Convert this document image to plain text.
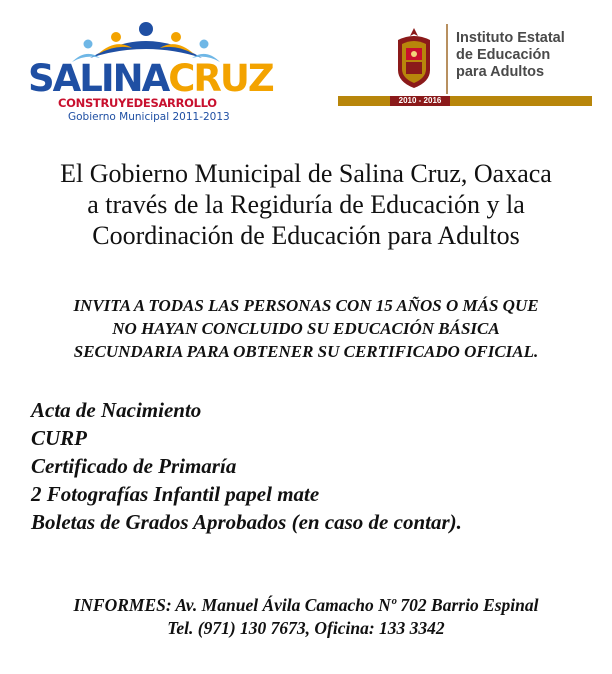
SALINACRUZ
CONSTRUYEDESARROLLO
Gobierno Municipal 2011-2013
Instituto Estatal
de Educación
para Adultos
2010 - 2016
El Gobierno Municipal de Salina Cruz, Oaxaca
a través de la Regiduría de Educación y la
Coordinación de Educación para Adultos
INVITA A TODAS LAS PERSONAS CON 15 AÑOS O MÁS QUE
NO HAYAN CONCLUIDO SU EDUCACIÓN BÁSICA
SECUNDARIA PARA OBTENER SU CERTIFICADO OFICIAL.
Acta de Nacimiento
CURP
Certificado de Primaría
2 Fotografías Infantil papel mate
Boletas de Grados Aprobados (en caso de contar).
INFORMES: Av. Manuel Ávila Camacho Nº 702 Barrio Espinal
Tel. (971) 130 7673, Oficina: 133 3342
